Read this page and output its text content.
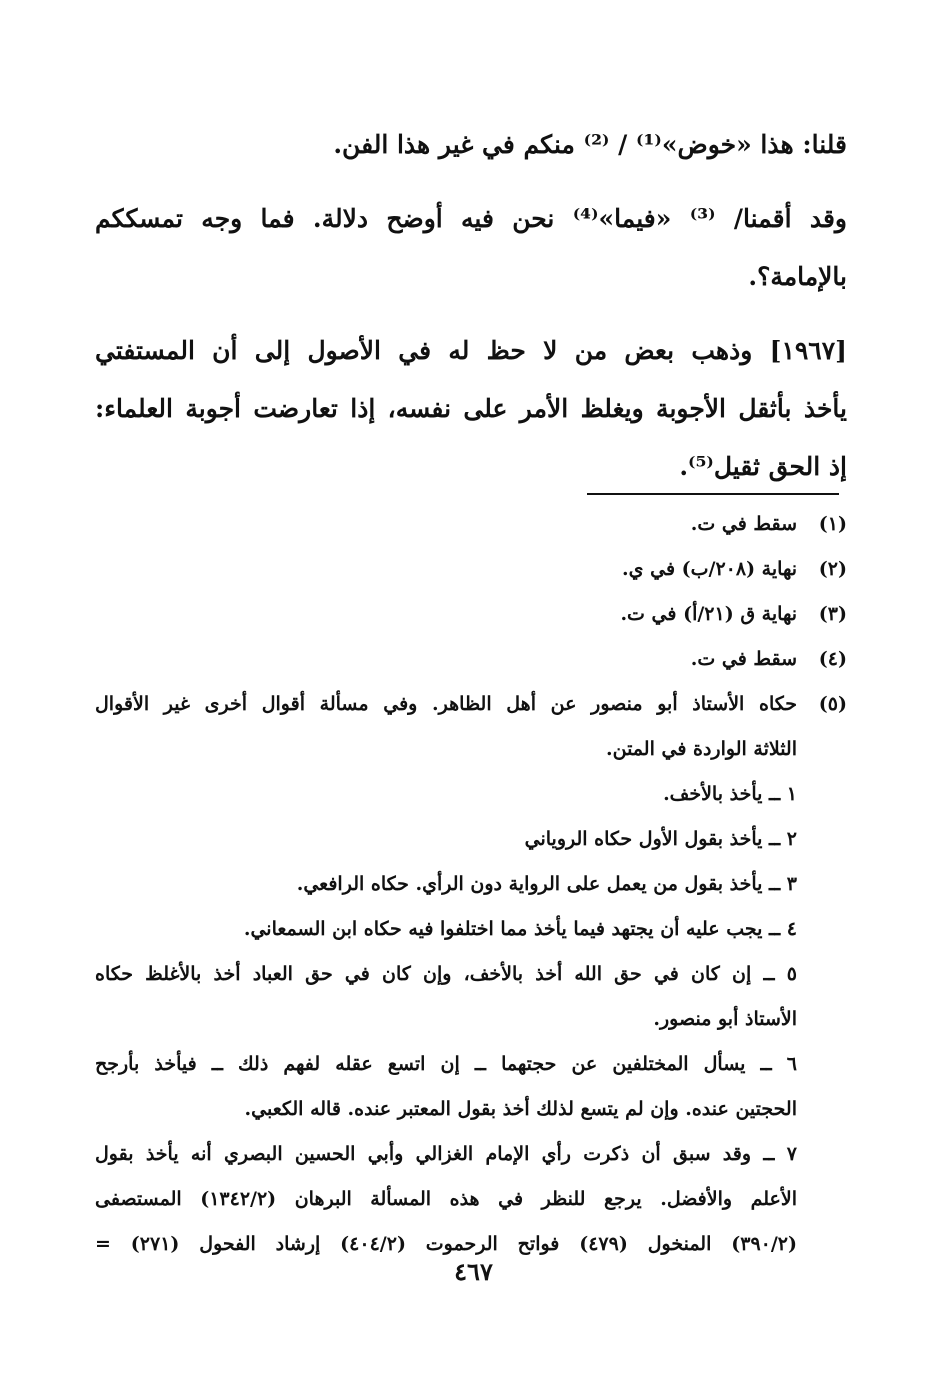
قلنا: هذا «خوض»⁽¹⁾ / ⁽²⁾ منكم في غير هذا الفن.
وقد أقمنا/ ⁽³⁾ «فيما»⁽⁴⁾ نحن فيه أوضح دلالة. فما وجه تمسككم
بالإمامة؟.
[١٩٦٧] وذهب بعض من لا حظ له في الأصول إلى أن المستفتي
يأخذ بأثقل الأجوبة ويغلظ الأمر على نفسه، إذا تعارضت أجوبة العلماء:
إذ الحق ثقيل⁽⁵⁾.
(١)
سقط في ت.
(٢)
نهاية (٢٠٨/ب) في ي.
(٣)
نهاية ق (٢١/أ) في ت.
(٤)
سقط في ت.
(٥)
حكاه الأستاذ أبو منصور عن أهل الظاهر. وفي مسألة أقوال أخرى غير الأقوال
الثلاثة الواردة في المتن.
١ ــ يأخذ بالأخف.
٢ ــ يأخذ بقول الأول حكاه الروياني
٣ ــ يأخذ بقول من يعمل على الرواية دون الرأي. حكاه الرافعي.
٤ ــ يجب عليه أن يجتهد فيما يأخذ مما اختلفوا فيه حكاه ابن السمعاني.
٥ ــ إن كان في حق الله أخذ بالأخف، وإن كان في حق العباد أخذ بالأغلظ حكاه
الأستاذ أبو منصور.
٦ ــ يسأل المختلفين عن حجتهما ــ إن اتسع عقله لفهم ذلك ــ فيأخذ بأرجح
الحجتين عنده. وإن لم يتسع لذلك أخذ بقول المعتبر عنده. قاله الكعبي.
٧ ــ وقد سبق أن ذكرت رأي الإمام الغزالي وأبي الحسين البصري أنه يأخذ بقول
الأعلم والأفضل. يرجع للنظر في هذه المسألة البرهان (١٣٤٢/٢) المستصفى
(٣٩٠/٢) المنخول (٤٧٩) فواتح الرحموت (٤٠٤/٢) إرشاد الفحول (٢٧١) =
٤٦٧
